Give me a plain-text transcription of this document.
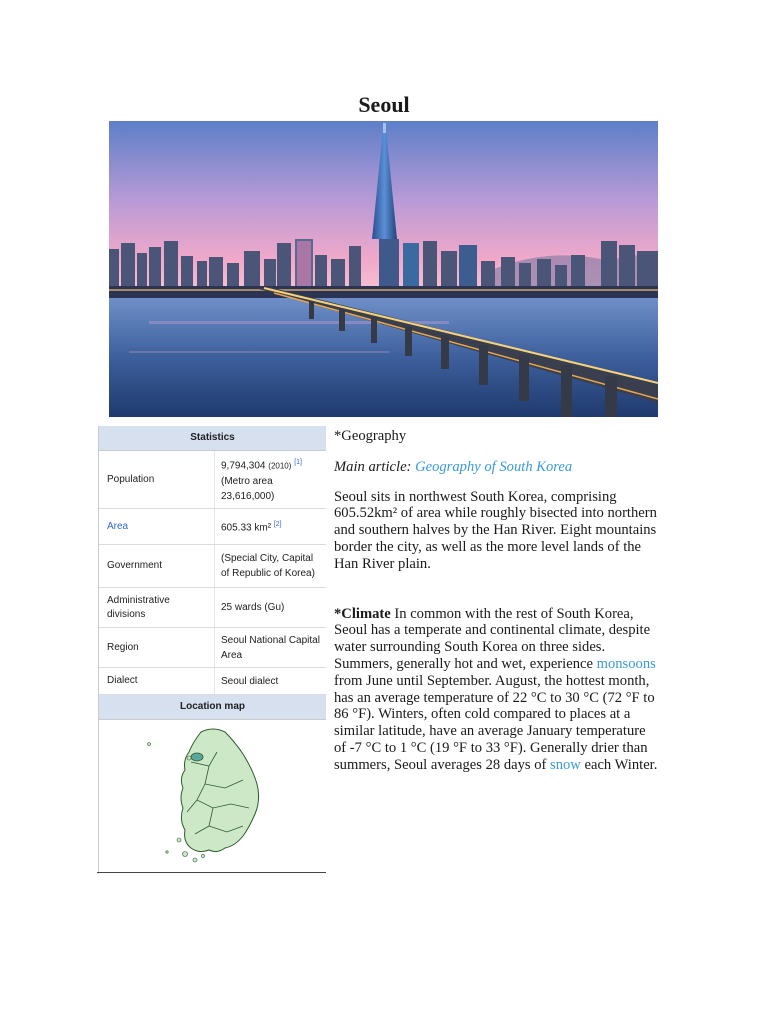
Seoul
Statistics
Population
9,794,304 (2010) [1]
(Metro area 23,616,000)
Area	605.33 km² [2]
Government
(Special City, Capital of Republic of Korea)
Administrative divisions
25 wards (Gu)
Region
Seoul National Capital Area
Dialect	Seoul dialect
Location map

*Geography

Main article: Geography of South Korea

Seoul sits in northwest South Korea, comprising 605.52km² of area while roughly bisected into northern and southern halves by the Han River. Eight mountains border the city, as well as the more level lands of the Han River plain.

*Climate In common with the rest of South Korea, Seoul has a temperate and continental climate, despite water surrounding South Korea on three sides. Summers, generally hot and wet, experience monsoons from June until September. August, the hottest month, has an average temperature of 22 °C to 30 °C (72 °F to 86 °F). Winters, often cold compared to places at a similar latitude, have an average January temperature of -7 °C to 1 °C (19 °F to 33 °F). Generally drier than summers, Seoul averages 28 days of snow each Winter.
